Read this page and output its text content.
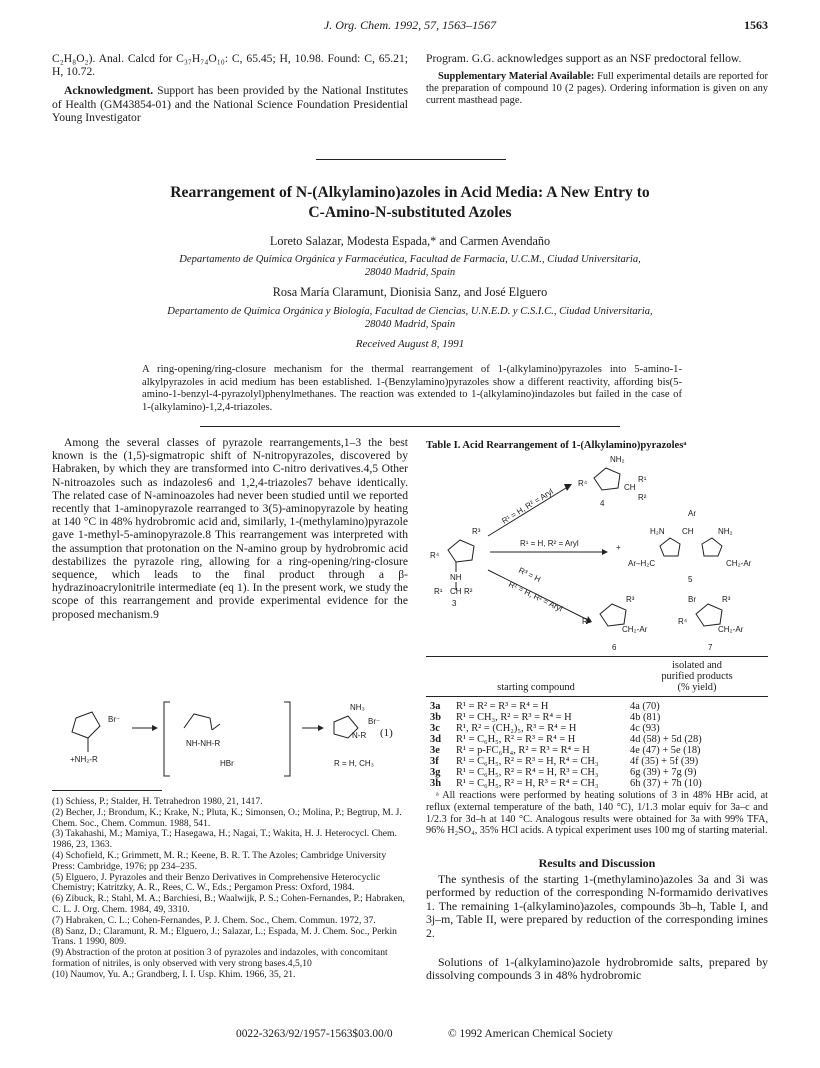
J. Org. Chem. 1992, 57, 1563–1567	1563

C₂H₈O₂). Anal. Calcd for C₃₇H₇₄O₁₀: C, 65.45; H, 10.98. Found: C, 65.21; H, 10.72.

Acknowledgment. Support has been provided by the National Institutes of Health (GM43854-01) and the National Science Foundation Presidential Young Investigator

Program. G.G. acknowledges support as an NSF predoctoral fellow.

Supplementary Material Available: Full experimental details are reported for the preparation of compound 10 (2 pages). Ordering information is given on any current masthead page.

Rearrangement of N-(Alkylamino)azoles in Acid Media: A New Entry to
C-Amino-N-substituted Azoles
Loreto Salazar, Modesta Espada,* and Carmen Avendaño
Departamento de Química Orgánica y Farmacéutica, Facultad de Farmacia, U.C.M., Ciudad Universitaria,
28040 Madrid, Spain
Rosa María Claramunt, Dionisia Sanz, and José Elguero
Departamento de Química Orgánica y Biología, Facultad de Ciencias, U.N.E.D. y C.S.I.C., Ciudad Universitaria,
28040 Madrid, Spain
Received August 8, 1991
A ring-opening/ring-closure mechanism for the thermal rearrangement of 1-(alkylamino)pyrazoles into 5-amino-1-alkylpyrazoles in acid medium has been established. 1-(Benzylamino)pyrazoles show a different reactivity, affording bis(5-amino-1-benzyl-4-pyrazolyl)phenylmethanes. The reaction was extended to 1-(alkylamino)indazoles but failed in the case of 1-(alkylamino)-1,2,4-triazoles.
Among the several classes of pyrazole rearrangements,1–3 the best known is the (1,5)-sigmatropic shift of N-nitropyrazoles, discovered by Habraken, by which they are transformed into C-nitro derivatives.4,5 Other N-nitroazoles such as indazoles6 and 1,2,4-triazoles7 behave identically. The related case of N-aminoazoles had never been studied until we reported recently that 1-aminopyrazole rearranged to 3(5)-aminopyrazole by heating at 140 °C in 48% hydrobromic acid and, similarly, 1-(methylamino)pyrazole gave 1-methyl-5-aminopyrazole.8 This rearrangement was interpreted with the assumption that protonation on the N-amino group by hydrobromic acid destabilizes the pyrazole ring, allowing for a ring-opening/ring-closure sequence, which leads to the final product through a β-hydrazinoacrylonitrile intermediate (eq 1). In the present work, we study the scope of this rearrangement and provide experimental evidence for the proposed mechanism.9
+NH₂-R
Br⁻
NH-NH-R
HBr
NH₃
N-R
Br⁻
R = H, CH₃
(1)

(1) Schiess, P.; Stalder, H. Tetrahedron 1980, 21, 1417.

(2) Becher, J.; Brondum, K.; Krake, N.; Pluta, K.; Simonsen, O.; Molina, P.; Begtrup, M. J. Chem. Soc., Chem. Commun. 1988, 541.

(3) Takahashi, M.; Mamiya, T.; Hasegawa, H.; Nagai, T.; Wakita, H. J. Heterocycl. Chem. 1986, 23, 1363.

(4) Schofield, K.; Grimmett, M. R.; Keene, B. R. T. The Azoles; Cambridge University Press: Cambridge, 1976; pp 234–235.

(5) Elguero, J. Pyrazoles and their Benzo Derivatives in Comprehensive Heterocyclic Chemistry; Katritzky, A. R., Rees, C. W., Eds.; Pergamon Press: Oxford, 1984.

(6) Zibuck, R.; Stahl, M. A.; Barchiesi, B.; Waalwijk, P. S.; Cohen-Fernandes, P.; Habraken, C. L. J. Org. Chem. 1984, 49, 3310.

(7) Habraken, C. L.; Cohen-Fernandes, P. J. Chem. Soc., Chem. Commun. 1972, 37.

(8) Sanz, D.; Claramunt, R. M.; Elguero, J.; Salazar, L.; Espada, M. J. Chem. Soc., Perkin Trans. 1 1990, 809.

(9) Abstraction of the proton at position 3 of pyrazoles and indazoles, with concomitant formation of nitriles, is only observed with very strong bases.4,5,10

(10) Naumov, Yu. A.; Grandberg, I. I. Usp. Khim. 1966, 35, 21.

Table I. Acid Rearrangement of 1-(Alkylamino)pyrazolesᵃ
R³
R⁴
NH
R¹ CH R²
3
R¹ = H, R² = Aryl
R¹ = H, R² = Aryl
R³ = H
R¹ = H, R² = Aryl
NH₂
R⁴	CH
R¹
R²
4
+
Ar
CH
H₂N	NH₂
Ar–H₂C	CH₂-Ar
5
R³
R⁴
CH₂-Ar
6
Br	R³
R⁴
CH₂-Ar
7
isolated and
purified products
(% yield)
starting compound
3a R¹ = R² = R³ = R⁴ = H	4a (70)
3b R¹ = CH₃, R² = R³ = R⁴ = H	4b (81)
3c R¹, R² = (CH₂)₅, R³ = R⁴ = H	4c (93)
3d R¹ = C₆H₅, R² = R³ = R⁴ = H	4d (58) + 5d (28)
3e R¹ = p-FC₆H₄, R² = R³ = R⁴ = H	4e (47) + 5e (18)
3f R¹ = C₆H₅, R² = R³ = H, R⁴ = CH₃	4f (35) + 5f (39)
3g R¹ = C₆H₅, R² = R⁴ = H, R³ = CH₃	6g (39) + 7g (9)
3h R¹ = C₆H₅, R² = H, R³ = R⁴ = CH₃	6h (37) + 7h (10)
ᵃ All reactions were performed by heating solutions of 3 in 48% HBr acid, at reflux (external temperature of the bath, 140 °C), 1/1.3 molar equiv for 3a–c and 1/2.3 for 3d–h at 140 °C. Analogous results were obtained for 3a with 99% TFA, 96% H₂SO₄, 35% HCl acids. A typical experiment uses 100 mg of starting material.
Results and Discussion
The synthesis of the starting 1-(methylamino)azoles 3a and 3i was performed by reduction of the corresponding N-formamido derivatives 1. The remaining 1-(alkylamino)azoles, compounds 3b–h, Table I, and 3j–m, Table II, were prepared by reduction of the corresponding imines 2.
Solutions of 1-(alkylamino)azole hydrobromide salts, prepared by dissolving compounds 3 in 48% hydrobromic
0022-3263/92/1957-1563$03.00/0	© 1992 American Chemical Society
